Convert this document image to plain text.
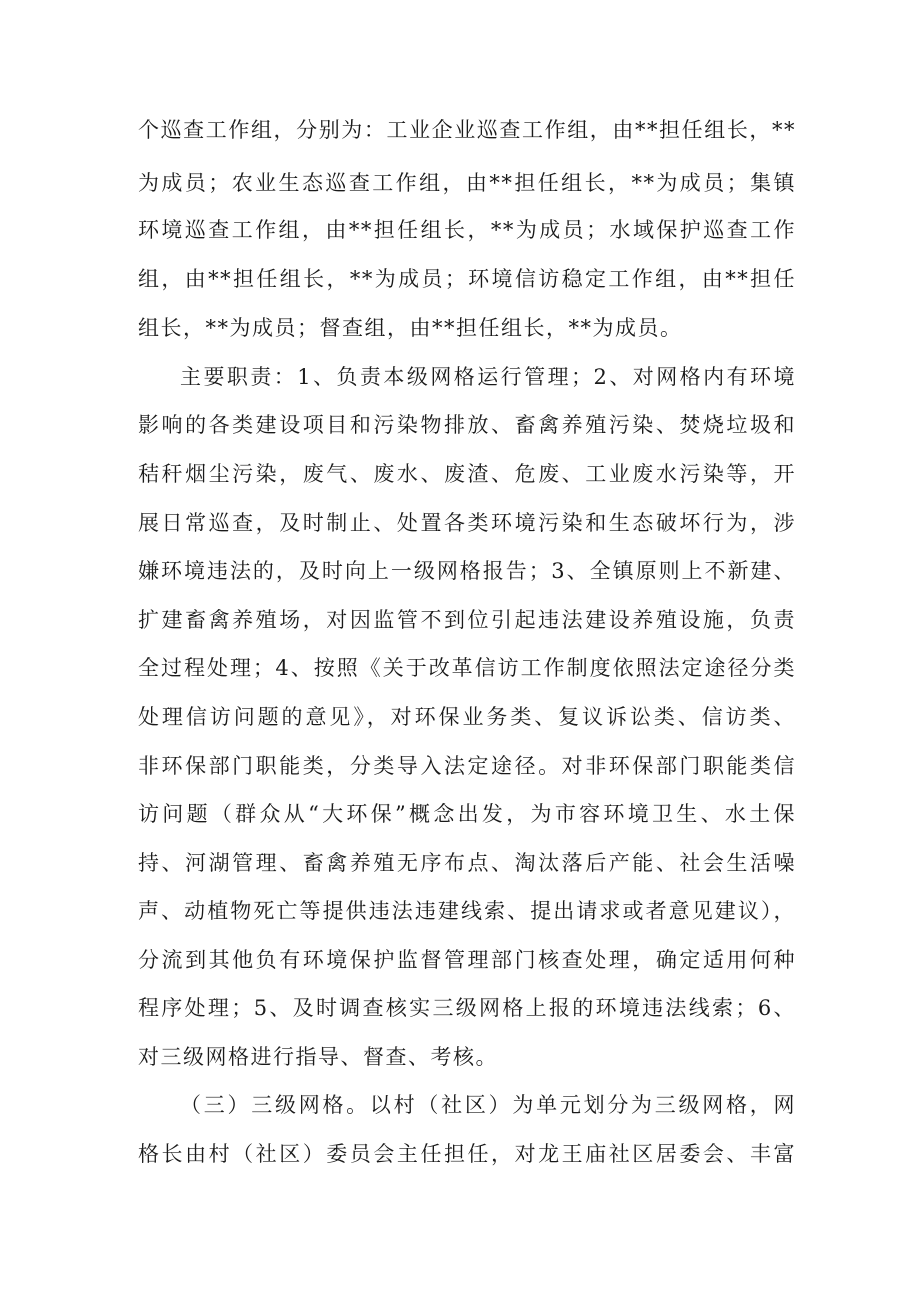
个巡查工作组，分别为：工业企业巡查工作组，由**担任组长，**
为成员；农业生态巡查工作组，由**担任组长，**为成员；集镇
环境巡查工作组，由**担任组长，**为成员；水域保护巡查工作
组，由**担任组长，**为成员；环境信访稳定工作组，由**担任
组长，**为成员；督查组，由**担任组长，**为成员。
主要职责：1、负责本级网格运行管理；2、对网格内有环境
影响的各类建设项目和污染物排放、畜禽养殖污染、焚烧垃圾和
秸秆烟尘污染，废气、废水、废渣、危废、工业废水污染等，开
展日常巡查，及时制止、处置各类环境污染和生态破坏行为，涉
嫌环境违法的，及时向上一级网格报告；3、全镇原则上不新建、
扩建畜禽养殖场，对因监管不到位引起违法建设养殖设施，负责
全过程处理；4、按照《关于改革信访工作制度依照法定途径分类
处理信访问题的意见》，对环保业务类、复议诉讼类、信访类、
非环保部门职能类，分类导入法定途径。对非环保部门职能类信
访问题（群众从“大环保”概念出发，为市容环境卫生、水土保
持、河湖管理、畜禽养殖无序布点、淘汰落后产能、社会生活噪
声、动植物死亡等提供违法违建线索、提出请求或者意见建议），
分流到其他负有环境保护监督管理部门核查处理，确定适用何种
程序处理；5、及时调查核实三级网格上报的环境违法线索；6、
对三级网格进行指导、督查、考核。
（三）三级网格。以村（社区）为单元划分为三级网格，网
格长由村（社区）委员会主任担任，对龙王庙社区居委会、丰富
